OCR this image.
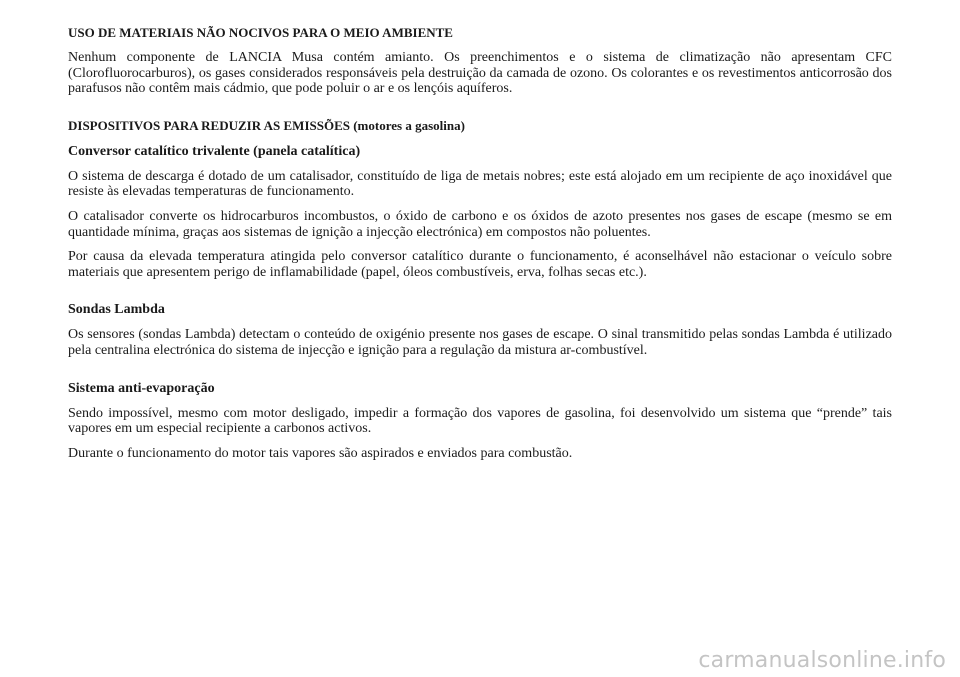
USO DE MATERIAIS NÃO NOCIVOS PARA O MEIO AMBIENTE

Nenhum componente de LANCIA Musa contém amianto. Os preenchimentos e o sistema de climatização não apresentam CFC (Clorofluorocarburos), os gases considerados responsáveis pela destruição da camada de ozono. Os colorantes e os revestimentos anticorrosão dos parafusos não contêm mais cádmio, que pode poluir o ar e os lençóis aquíferos.

DISPOSITIVOS PARA REDUZIR AS EMISSÕES (motores a gasolina)
Conversor catalítico trivalente (panela catalítica)

O sistema de descarga é dotado de um catalisador, constituído de liga de metais nobres; este está alojado em um recipiente de aço inoxidável que resiste às elevadas temperaturas de funcionamento.

O catalisador converte os hidrocarburos incombustos, o óxido de carbono e os óxidos de azoto presentes nos gases de escape (mesmo se em quantidade mínima, graças aos sistemas de ignição a injecção electrónica) em compostos não poluentes.

Por causa da elevada temperatura atingida pelo conversor catalítico durante o funcionamento, é aconselhável não estacionar o veículo sobre materiais que apresentem perigo de inflamabilidade (papel, óleos combustíveis, erva, folhas secas etc.).

Sondas Lambda

Os sensores (sondas Lambda) detectam o conteúdo de oxigénio presente nos gases de escape. O sinal transmitido pelas sondas Lambda é utilizado pela centralina electrónica do sistema de injecção e ignição para a regulação da mistura ar-combustível.

Sistema anti-evaporação

Sendo impossível, mesmo com motor desligado, impedir a formação dos vapores de gasolina, foi desenvolvido um sistema que “prende” tais vapores em um especial recipiente a carbonos activos.

Durante o funcionamento do motor tais vapores são aspirados e enviados para combustão.

carmanualsonline.info
